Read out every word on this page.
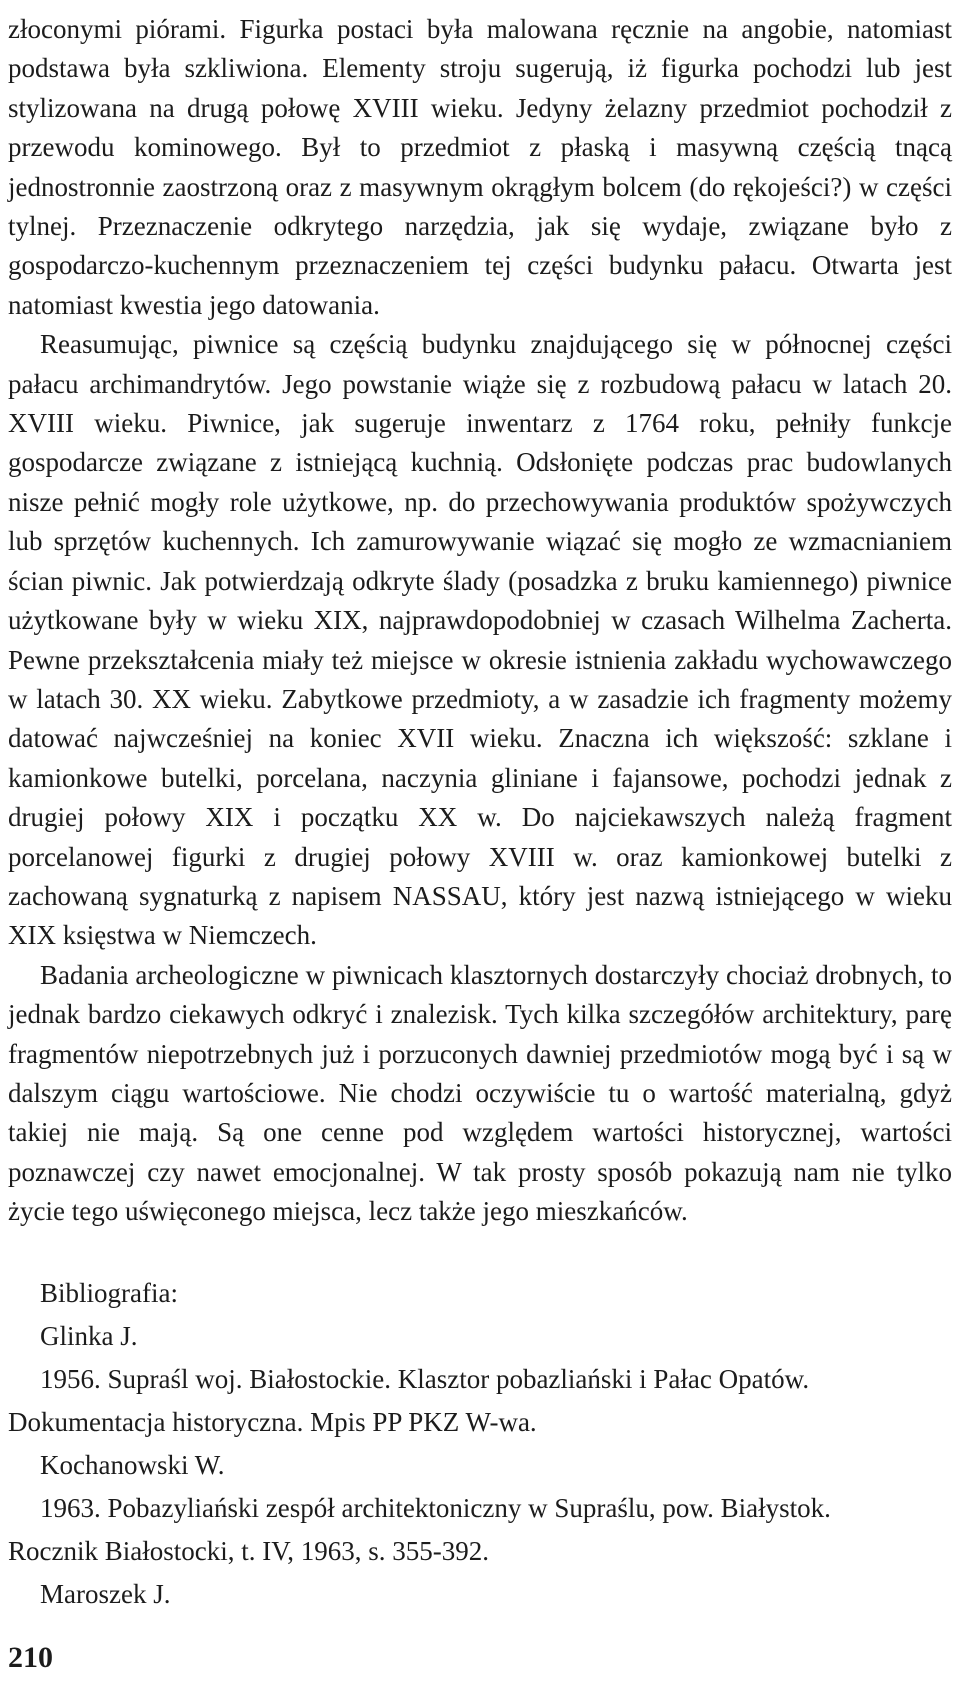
złoconymi piórami. Figurka postaci była malowana ręcznie na angobie, natomiast podstawa była szkliwiona. Elementy stroju sugerują, iż figurka pochodzi lub jest stylizowana na drugą połowę XVIII wieku. Jedyny żelazny przedmiot pochodził z przewodu kominowego. Był to przedmiot z płaską i masywną częścią tnącą jednostronnie zaostrzoną oraz z masywnym okrągłym bolcem (do rękojeści?) w części tylnej. Przeznaczenie odkrytego narzędzia, jak się wydaje, związane było z gospodarczo-kuchennym przeznaczeniem tej części budynku pałacu. Otwarta jest natomiast kwestia jego datowania.

Reasumując, piwnice są częścią budynku znajdującego się w północnej części pałacu archimandrytów. Jego powstanie wiąże się z rozbudową pałacu w latach 20. XVIII wieku. Piwnice, jak sugeruje inwentarz z 1764 roku, pełniły funkcje gospodarcze związane z istniejącą kuchnią. Odsłonięte podczas prac budowlanych nisze pełnić mogły role użytkowe, np. do przechowywania produktów spożywczych lub sprzętów kuchennych. Ich zamurowywanie wiązać się mogło ze wzmacnianiem ścian piwnic. Jak potwierdzają odkryte ślady (posadzka z bruku kamiennego) piwnice użytkowane były w wieku XIX, najprawdopodobniej w czasach Wilhelma Zacherta. Pewne przekształcenia miały też miejsce w okresie istnienia zakładu wychowawczego w latach 30. XX wieku. Zabytkowe przedmioty, a w zasadzie ich fragmenty możemy datować najwcześniej na koniec XVII wieku. Znaczna ich większość: szklane i kamionkowe butelki, porcelana, naczynia gliniane i fajansowe, pochodzi jednak z drugiej połowy XIX i początku XX w. Do najciekawszych należą fragment porcelanowej figurki z drugiej połowy XVIII w. oraz kamionkowej butelki z zachowaną sygnaturką z napisem NASSAU, który jest nazwą istniejącego w wieku XIX księstwa w Niemczech.

Badania archeologiczne w piwnicach klasztornych dostarczyły chociaż drobnych, to jednak bardzo ciekawych odkryć i znalezisk. Tych kilka szczegółów architektury, parę fragmentów niepotrzebnych już i porzuconych dawniej przedmiotów mogą być i są w dalszym ciągu wartościowe. Nie chodzi oczywiście tu o wartość materialną, gdyż takiej nie mają. Są one cenne pod względem wartości historycznej, wartości poznawczej czy nawet emocjonalnej. W tak prosty sposób pokazują nam nie tylko życie tego uświęconego miejsca, lecz także jego mieszkańców.

Bibliografia:
Glinka J.
1956. Supraśl woj. Białostockie. Klasztor pobazliański i Pałac Opatów.
Dokumentacja historyczna. Mpis PP PKZ W-wa.
Kochanowski W.
1963. Pobazyliański zespół architektoniczny w Supraślu, pow. Białystok.
Rocznik Białostocki, t. IV, 1963, s. 355-392.
Maroszek J.
210
